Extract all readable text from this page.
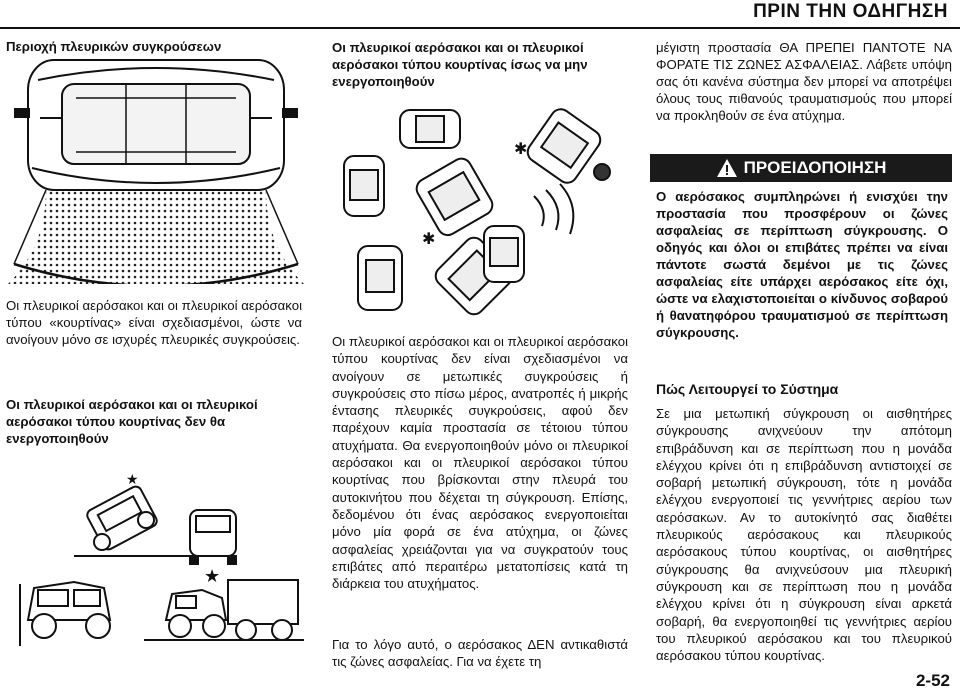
ΠΡΙΝ ΤΗΝ ΟΔΗΓΗΣΗ

Περιοχή πλευρικών συγκρούσεων

Οι πλευρικοί αερόσακοι και οι πλευρικοί αερόσακοι τύπου «κουρτίνας» είναι σχεδιασμένοι, ώστε να ανοίγουν μόνο σε ισχυρές πλευρικές συγκρούσεις.

Οι πλευρικοί αερόσακοι και οι πλευρικοί αερόσακοι τύπου κουρτίνας δεν θα ενεργοποιηθούν

★
★

Οι πλευρικοί αερόσακοι και οι πλευρικοί αερόσακοι τύπου κουρτίνας ίσως να μην ενεργοποιηθούν

✱
✱

Οι πλευρικοί αερόσακοι και οι πλευρικοί αερόσακοι τύπου κουρτίνας δεν είναι σχεδιασμένοι να ανοίγουν σε μετωπικές συγκρούσεις ή συγκρούσεις στο πίσω μέρος, ανατροπές ή μικρής έντασης πλευρικές συγκρούσεις, αφού δεν παρέχουν καμία προστασία σε τέτοιου τύπου ατυχήματα. Θα ενεργοποιηθούν μόνο οι πλευρικοί αερόσακοι και οι πλευρικοί αερόσακοι τύπου κουρτίνας που βρίσκονται στην πλευρά του αυτοκινήτου που δέχεται τη σύγκρουση. Επίσης, δεδομένου ότι ένας αερόσακος ενεργοποιείται μόνο μία φορά σε ένα ατύχημα, οι ζώνες ασφαλείας χρειάζονται για να συγκρατούν τους επιβάτες από περαιτέρω μετατοπίσεις κατά τη διάρκεια του ατυχήματος.

Για το λόγο αυτό, ο αερόσακος ΔΕΝ αντικαθιστά τις ζώνες ασφαλείας. Για να έχετε τη

μέγιστη προστασία ΘΑ ΠΡΕΠΕΙ ΠΑΝΤΟΤΕ ΝΑ ΦΟΡΑΤΕ ΤΙΣ ΖΩΝΕΣ ΑΣΦΑΛΕΙΑΣ. Λάβετε υπόψη σας ότι κανένα σύστημα δεν μπορεί να αποτρέψει όλους τους πιθανούς τραυματισμούς που μπορεί να προκληθούν σε ένα ατύχημα.

ΠΡΟΕΙΔΟΠΟΙΗΣΗ
Ο αερόσακος συμπληρώνει ή ενισχύει την προστασία που προσφέρουν οι ζώνες ασφαλείας σε περίπτωση σύγκρουσης. Ο οδηγός και όλοι οι επιβάτες πρέπει να είναι πάντοτε σωστά δεμένοι με τις ζώνες ασφαλείας είτε υπάρχει αερόσακος είτε όχι, ώστε να ελαχιστοποιείται ο κίνδυνος σοβαρού ή θανατηφόρου τραυματισμού σε περίπτωση σύγκρουσης.

Πώς Λειτουργεί το Σύστημα

Σε μια μετωπική σύγκρουση οι αισθητήρες σύγκρουσης ανιχνεύουν την απότομη επιβράδυνση και σε περίπτωση που η μονάδα ελέγχου κρίνει ότι η επιβράδυνση αντιστοιχεί σε σοβαρή μετωπική σύγκρουση, τότε η μονάδα ελέγχου ενεργοποιεί τις γεννήτριες αερίου των αερόσακων. Αν το αυτοκίνητό σας διαθέτει πλευρικούς αερόσακους και πλευρικούς αερόσακους τύπου κουρτίνας, οι αισθητήρες σύγκρουσης θα ανιχνεύσουν μια πλευρική σύγκρουση και σε περίπτωση που η μονάδα ελέγχου κρίνει ότι η σύγκρουση είναι αρκετά σοβαρή, θα ενεργοποιηθεί τις γεννήτριες αερίου του πλευρικού αερόσακου και του πλευρικού αερόσακου τύπου κουρτίνας.

2-52
